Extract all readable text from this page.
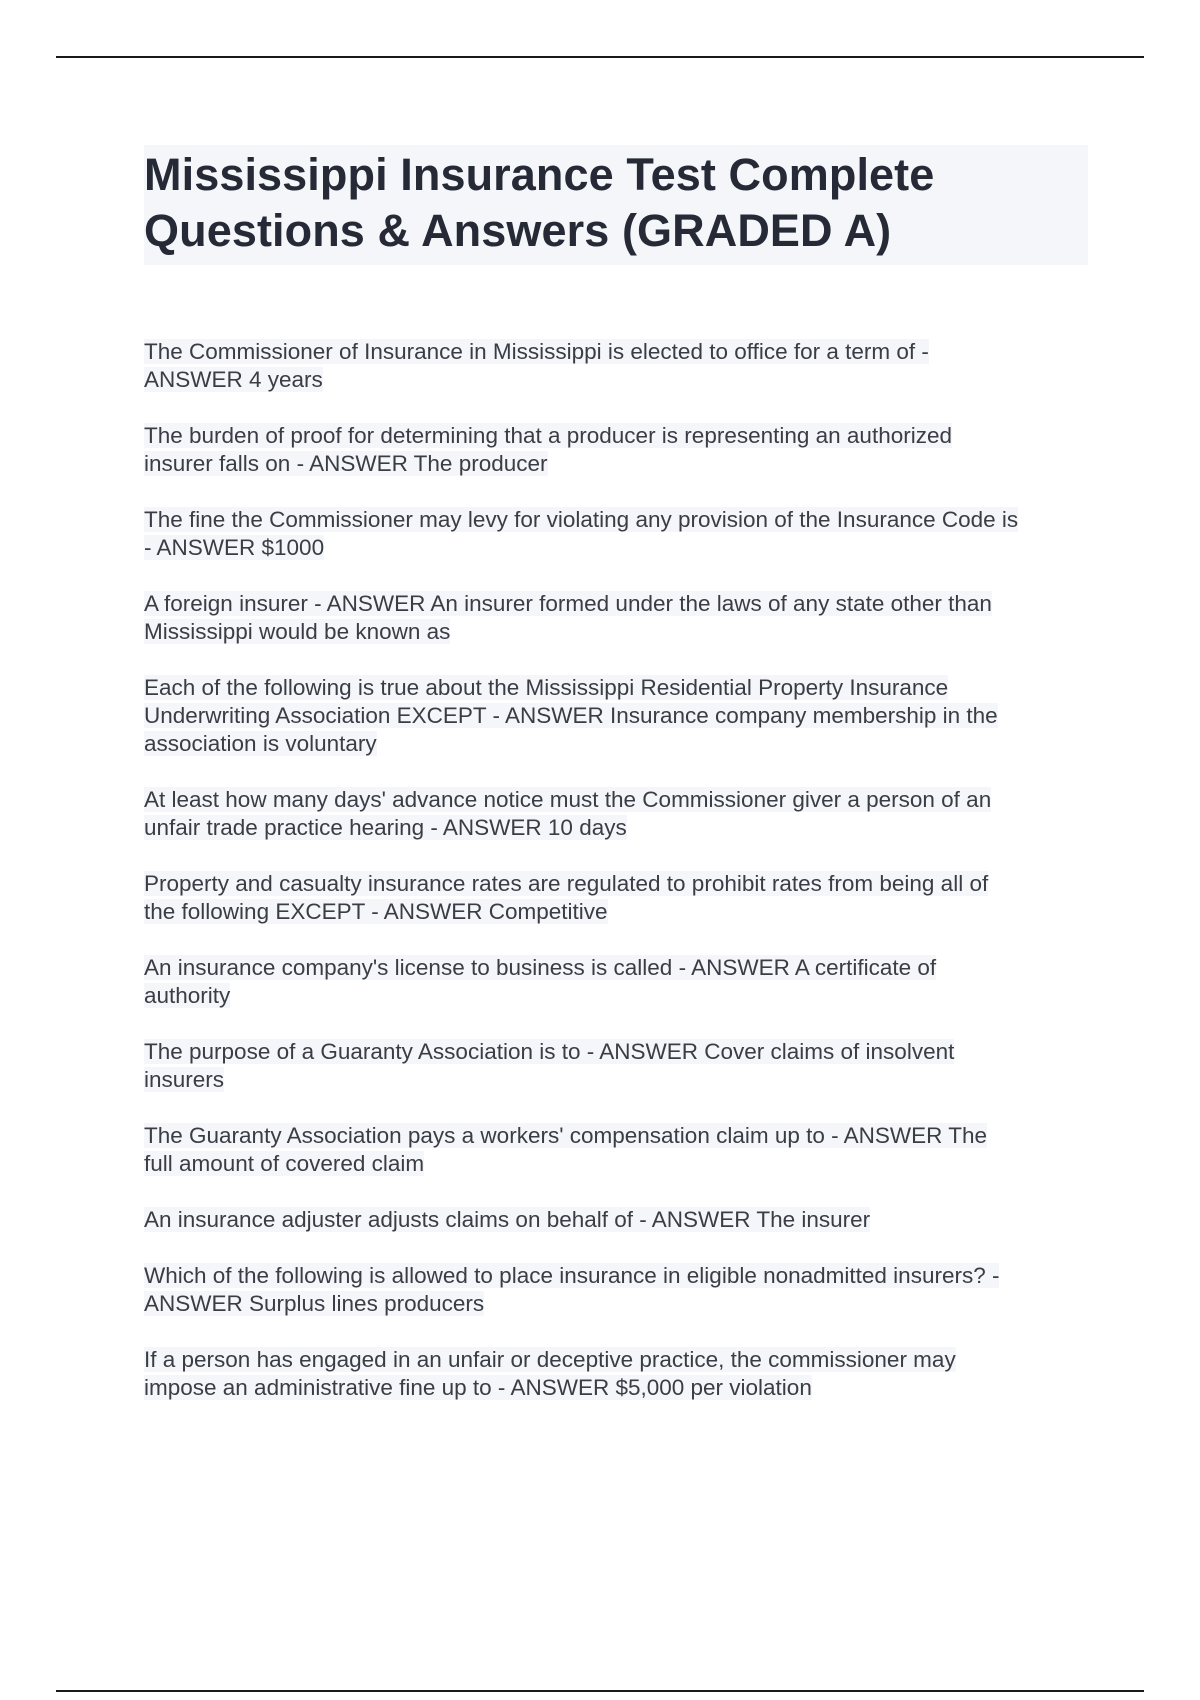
Mississippi Insurance Test Complete
Questions & Answers (GRADED A)

The Commissioner of Insurance in Mississippi is elected to office for a term of -
ANSWER 4 years

The burden of proof for determining that a producer is representing an authorized
insurer falls on - ANSWER The producer

The fine the Commissioner may levy for violating any provision of the Insurance Code is
- ANSWER $1000

A foreign insurer - ANSWER An insurer formed under the laws of any state other than
Mississippi would be known as

Each of the following is true about the Mississippi Residential Property Insurance
Underwriting Association EXCEPT - ANSWER Insurance company membership in the
association is voluntary

At least how many days' advance notice must the Commissioner giver a person of an
unfair trade practice hearing - ANSWER 10 days

Property and casualty insurance rates are regulated to prohibit rates from being all of
the following EXCEPT - ANSWER Competitive

An insurance company's license to business is called - ANSWER A certificate of
authority

The purpose of a Guaranty Association is to - ANSWER Cover claims of insolvent
insurers

The Guaranty Association pays a workers' compensation claim up to - ANSWER The
full amount of covered claim

An insurance adjuster adjusts claims on behalf of - ANSWER The insurer

Which of the following is allowed to place insurance in eligible nonadmitted insurers? -
ANSWER Surplus lines producers

If a person has engaged in an unfair or deceptive practice, the commissioner may
impose an administrative fine up to - ANSWER $5,000 per violation
